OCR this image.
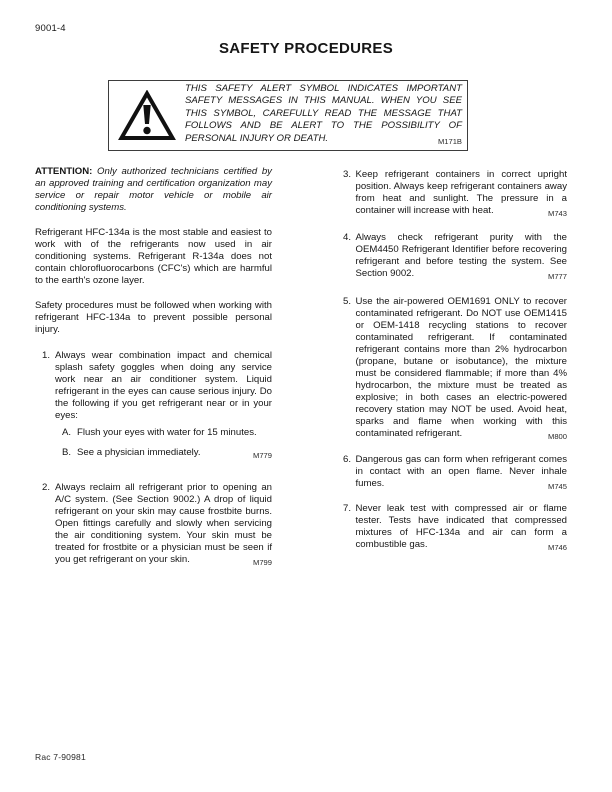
9001-4
SAFETY PROCEDURES
THIS SAFETY ALERT SYMBOL INDICATES IMPORTANT SAFETY MESSAGES IN THIS MANUAL. WHEN YOU SEE THIS SYMBOL, CAREFULLY READ THE MESSAGE THAT FOLLOWS AND BE ALERT TO THE POSSIBILITY OF PERSONAL INJURY OR DEATH.	M171B

ATTENTION: Only authorized technicians certified by an approved training and certification organization may service or repair motor vehicle or mobile air conditioning systems.

Refrigerant HFC-134a is the most stable and easiest to work with of the refrigerants now used in air conditioning systems. Refrigerant R-134a does not contain chlorofluorocarbons (CFC's) which are harmful to the earth's ozone layer.

Safety procedures must be followed when working with refrigerant HFC-134a to prevent possible personal injury.

1. Always wear combination impact and chemical splash safety goggles when doing any service work near an air conditioner system. Liquid refrigerant in the eyes can cause serious injury. Do the following if you get refrigerant near or in your eyes:
A. Flush your eyes with water for 15 minutes.
B. See a physician immediately.	M779
2. Always reclaim all refrigerant prior to opening an A/C system. (See Section 9002.) A drop of liquid refrigerant on your skin may cause frostbite burns. Open fittings carefully and slowly when servicing the air conditioning system. Your skin must be treated for frostbite or a physician must be seen if you get refrigerant on your skin.	M799
3. Keep refrigerant containers in correct upright position. Always keep refrigerant containers away from heat and sunlight. The pressure in a container will increase with heat.	M743
4. Always check refrigerant purity with the OEM4450 Refrigerant Identifier before recovering refrigerant and before testing the system. See Section 9002.	M777
5. Use the air-powered OEM1691 ONLY to recover contaminated refrigerant. Do NOT use OEM1415 or OEM-1418 recycling stations to recover contaminated refrigerant. If contaminated refrigerant contains more than 2% hydrocarbon (propane, butane or isobutance), the mixture must be considered flammable; if more than 4% hydrocarbon, the mixture must be treated as explosive; in both cases an electric-powered recovery station may NOT be used. Avoid heat, sparks and flame when working with this contaminated refrigerant.	M800
6. Dangerous gas can form when refrigerant comes in contact with an open flame. Never inhale fumes.	M745
7. Never leak test with compressed air or flame tester. Tests have indicated that compressed mixtures of HFC-134a and air can form a combustible gas.	M746
Rac 7-90981
